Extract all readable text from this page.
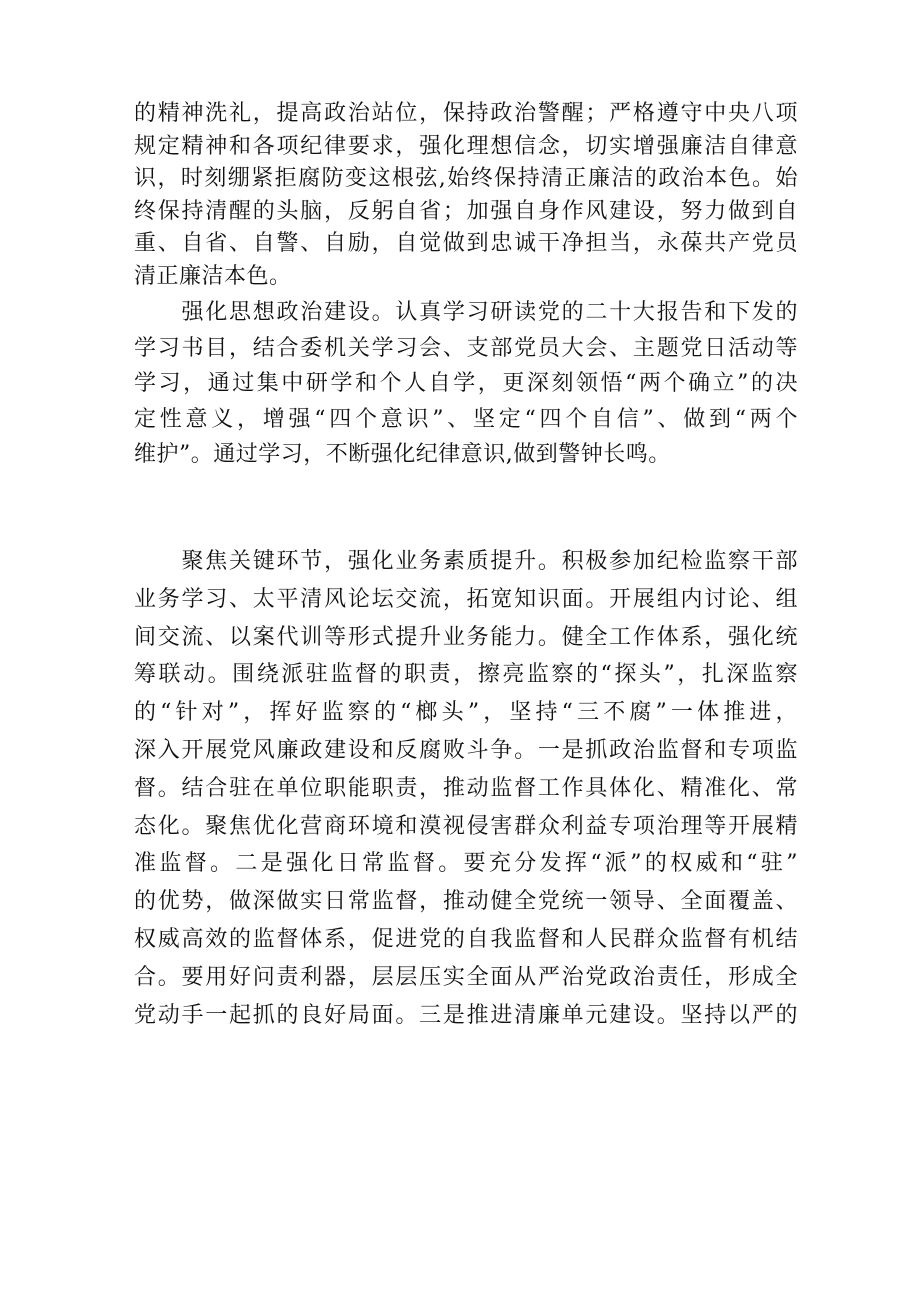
的精神洗礼，提高政治站位，保持政治警醒；严格遵守中央八项
规定精神和各项纪律要求，强化理想信念，切实增强廉洁自律意
识，时刻绷紧拒腐防变这根弦,始终保持清正廉洁的政治本色。始
终保持清醒的头脑，反躬自省；加强自身作风建设，努力做到自
重、自省、自警、自励，自觉做到忠诚干净担当，永葆共产党员
清正廉洁本色。
　　强化思想政治建设。认真学习研读党的二十大报告和下发的
学习书目，结合委机关学习会、支部党员大会、主题党日活动等
学习，通过集中研学和个人自学，更深刻领悟“两个确立”的决
定性意义，增强“四个意识”、坚定“四个自信”、做到“两个
维护”。通过学习，不断强化纪律意识,做到警钟长鸣。
　　聚焦关键环节，强化业务素质提升。积极参加纪检监察干部
业务学习、太平清风论坛交流，拓宽知识面。开展组内讨论、组
间交流、以案代训等形式提升业务能力。健全工作体系，强化统
筹联动。围绕派驻监督的职责，擦亮监察的“探头”，扎深监察
的“针对”，挥好监察的“榔头”，坚持“三不腐”一体推进，
深入开展党风廉政建设和反腐败斗争。一是抓政治监督和专项监
督。结合驻在单位职能职责，推动监督工作具体化、精准化、常
态化。聚焦优化营商环境和漠视侵害群众利益专项治理等开展精
准监督。二是强化日常监督。要充分发挥“派”的权威和“驻”
的优势，做深做实日常监督，推动健全党统一领导、全面覆盖、
权威高效的监督体系，促进党的自我监督和人民群众监督有机结
合。要用好问责利器，层层压实全面从严治党政治责任，形成全
党动手一起抓的良好局面。三是推进清廉单元建设。坚持以严的
